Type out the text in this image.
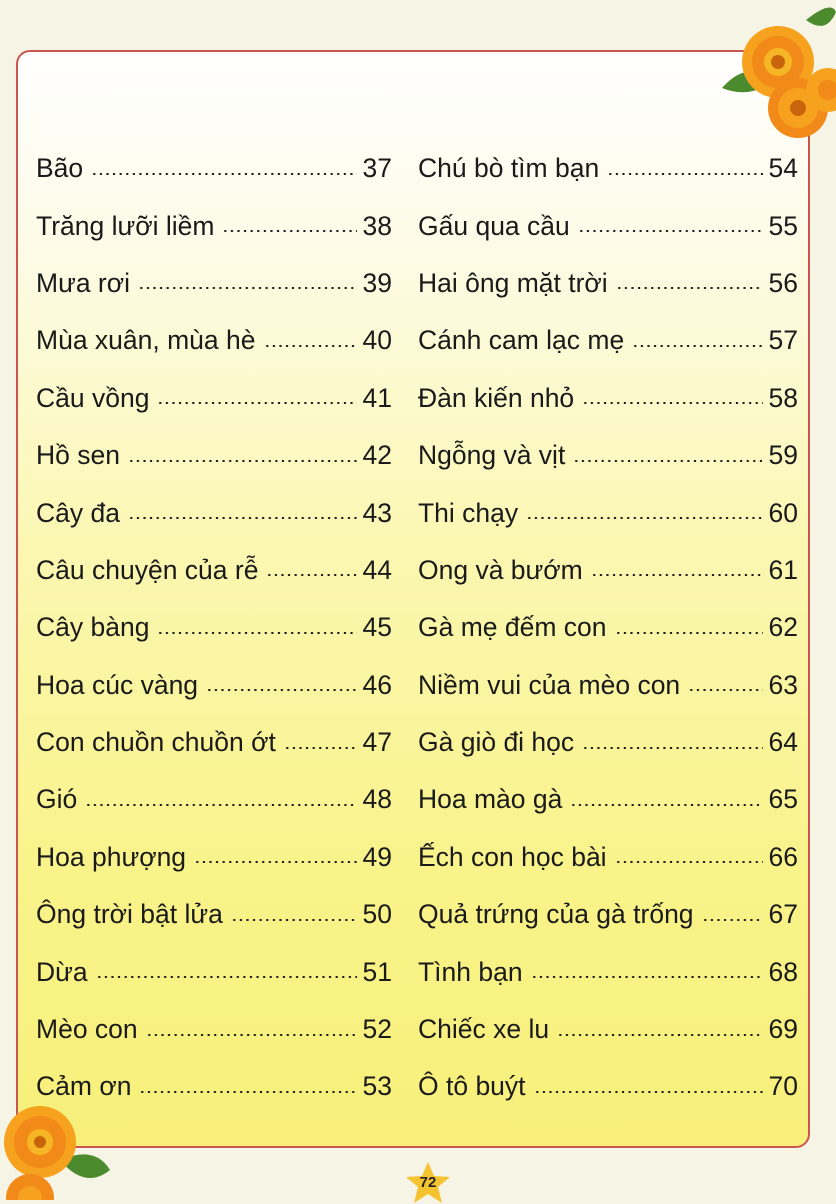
Bão	37
Trăng lưỡi liềm	38
Mưa rơi	39
Mùa xuân, mùa hè	40
Cầu vồng	41
Hồ sen	42
Cây đa	43
Câu chuyện của rễ	44
Cây bàng	45
Hoa cúc vàng	46
Con chuồn chuồn ớt	47
Gió	48
Hoa phượng	49
Ông trời bật lửa	50
Dừa	51
Mèo con	52
Cảm ơn	53
Chú bò tìm bạn	54
Gấu qua cầu	55
Hai ông mặt trời	56
Cánh cam lạc mẹ	57
Đàn kiến nhỏ	58
Ngỗng và vịt	59
Thi chạy	60
Ong và bướm	61
Gà mẹ đếm con	62
Niềm vui của mèo con	63
Gà giò đi học	64
Hoa mào gà	65
Ếch con học bài	66
Quả trứng của gà trống	67
Tình bạn	68
Chiếc xe lu	69
Ô tô buýt	70
72
